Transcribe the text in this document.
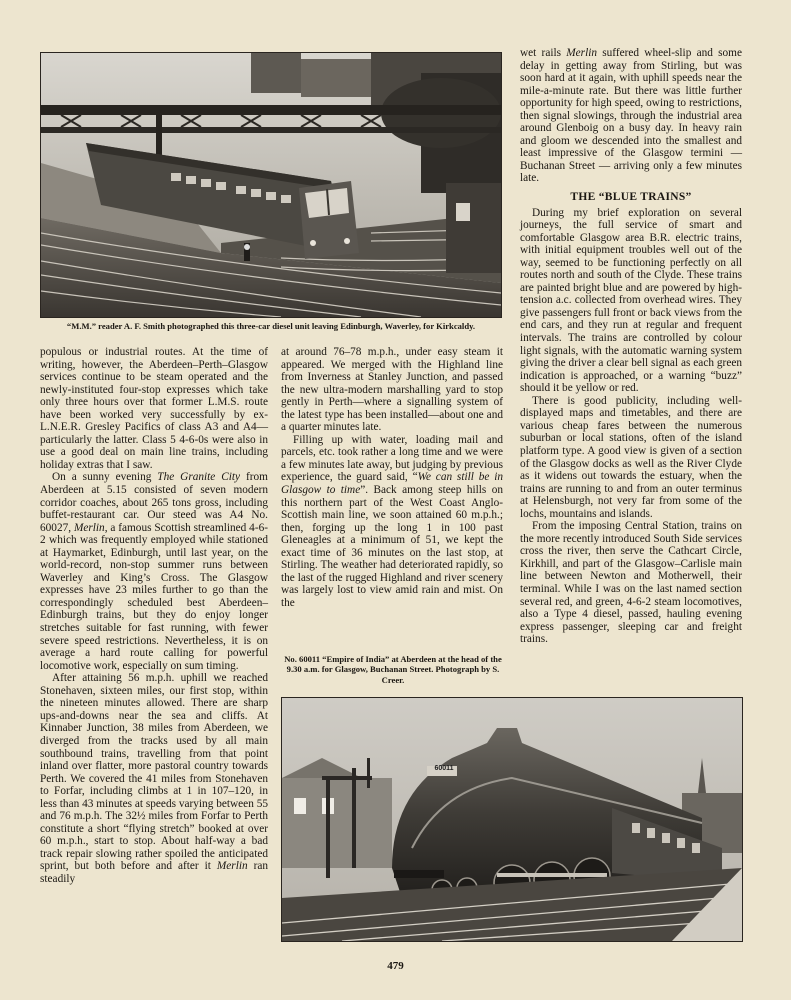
“M.M.” reader A. F. Smith photographed this three-car diesel unit leaving Edinburgh, Waverley, for Kirkcaldy.

populous or industrial routes. At the time of writing, however, the Aberdeen–Perth–Glasgow services continue to be steam operated and the newly-instituted four-stop expresses which take only three hours over that former L.M.S. route have been worked very successfully by ex-L.N.E.R. Gresley Pacifics of class A3 and A4—particularly the latter. Class 5 4-6-0s were also in use a good deal on main line trains, including holiday extras that I saw.

On a sunny evening The Granite City from Aberdeen at 5.15 consisted of seven modern corridor coaches, about 265 tons gross, including buffet-restaurant car. Our steed was A4 No. 60027, Merlin, a famous Scottish streamlined 4-6-2 which was frequently employed while stationed at Haymarket, Edinburgh, until last year, on the world-record, non-stop summer runs between Waverley and King’s Cross. The Glasgow expresses have 23 miles further to go than the correspondingly scheduled best Aberdeen–Edinburgh trains, but they do enjoy longer stretches suitable for fast running, with fewer severe speed restrictions. Nevertheless, it is on average a hard route calling for powerful locomotive work, especially on sum timing.

After attaining 56 m.p.h. uphill we reached Stonehaven, sixteen miles, our first stop, within the nineteen minutes allowed. There are sharp ups-and-downs near the sea and cliffs. At Kinnaber Junction, 38 miles from Aberdeen, we diverged from the tracks used by all main southbound trains, travelling from that point inland over flatter, more pastoral country towards Perth. We covered the 41 miles from Stonehaven to Forfar, including climbs at 1 in 107–120, in less than 43 minutes at speeds varying between 55 and 76 m.p.h. The 32½ miles from Forfar to Perth constitute a short “flying stretch” booked at over 60 m.p.h., start to stop. About half-way a bad track repair slowing rather spoiled the anticipated sprint, but both before and after it Merlin ran steadily

at around 76–78 m.p.h., under easy steam it appeared. We merged with the Highland line from Inverness at Stanley Junction, and passed the new ultra-modern marshalling yard to stop gently in Perth—where a signalling system of the latest type has been installed—about one and a quarter minutes late.

Filling up with water, loading mail and parcels, etc. took rather a long time and we were a few minutes late away, but judging by previous experience, the guard said, “We can still be in Glasgow to time”. Back among steep hills on this northern part of the West Coast Anglo-Scottish main line, we soon attained 60 m.p.h.; then, forging up the long 1 in 100 past Gleneagles at a minimum of 51, we kept the exact time of 36 minutes on the last stop, at Stirling. The weather had deteriorated rapidly, so the last of the rugged Highland and river scenery was largely lost to view amid rain and mist. On the

No. 60011 “Empire of India” at Aberdeen at the head of the 9.30 a.m. for Glasgow, Buchanan Street. Photograph by S. Creer.

wet rails Merlin suffered wheel-slip and some delay in getting away from Stirling, but was soon hard at it again, with uphill speeds near the mile-a-minute rate. But there was little further opportunity for high speed, owing to restrictions, then signal slowings, through the industrial area around Glenboig on a busy day. In heavy rain and gloom we descended into the smallest and least impressive of the Glasgow termini — Buchanan Street — arriving only a few minutes late.

THE “BLUE TRAINS”

During my brief exploration on several journeys, the full service of smart and comfortable Glasgow area B.R. electric trains, with initial equipment troubles well out of the way, seemed to be functioning perfectly on all routes north and south of the Clyde. These trains are painted bright blue and are powered by high-tension a.c. collected from overhead wires. They give passengers full front or back views from the end cars, and they run at regular and frequent intervals. The trains are controlled by colour light signals, with the automatic warning system giving the driver a clear bell signal as each green indication is approached, or a warning “buzz” should it be yellow or red.

There is good publicity, including well-displayed maps and timetables, and there are various cheap fares between the numerous suburban or local stations, often of the island platform type. A good view is given of a section of the Glasgow docks as well as the River Clyde as it widens out towards the estuary, when the trains are running to and from an outer terminus at Helensburgh, not very far from some of the lochs, mountains and islands.

From the imposing Central Station, trains on the more recently introduced South Side services cross the river, then serve the Cathcart Circle, Kirkhill, and part of the Glasgow–Carlisle main line between Newton and Motherwell, their terminal. While I was on the last named section several red, and green, 4-6-2 steam locomotives, also a Type 4 diesel, passed, hauling evening express passenger, sleeping car and freight trains.

60011
479
